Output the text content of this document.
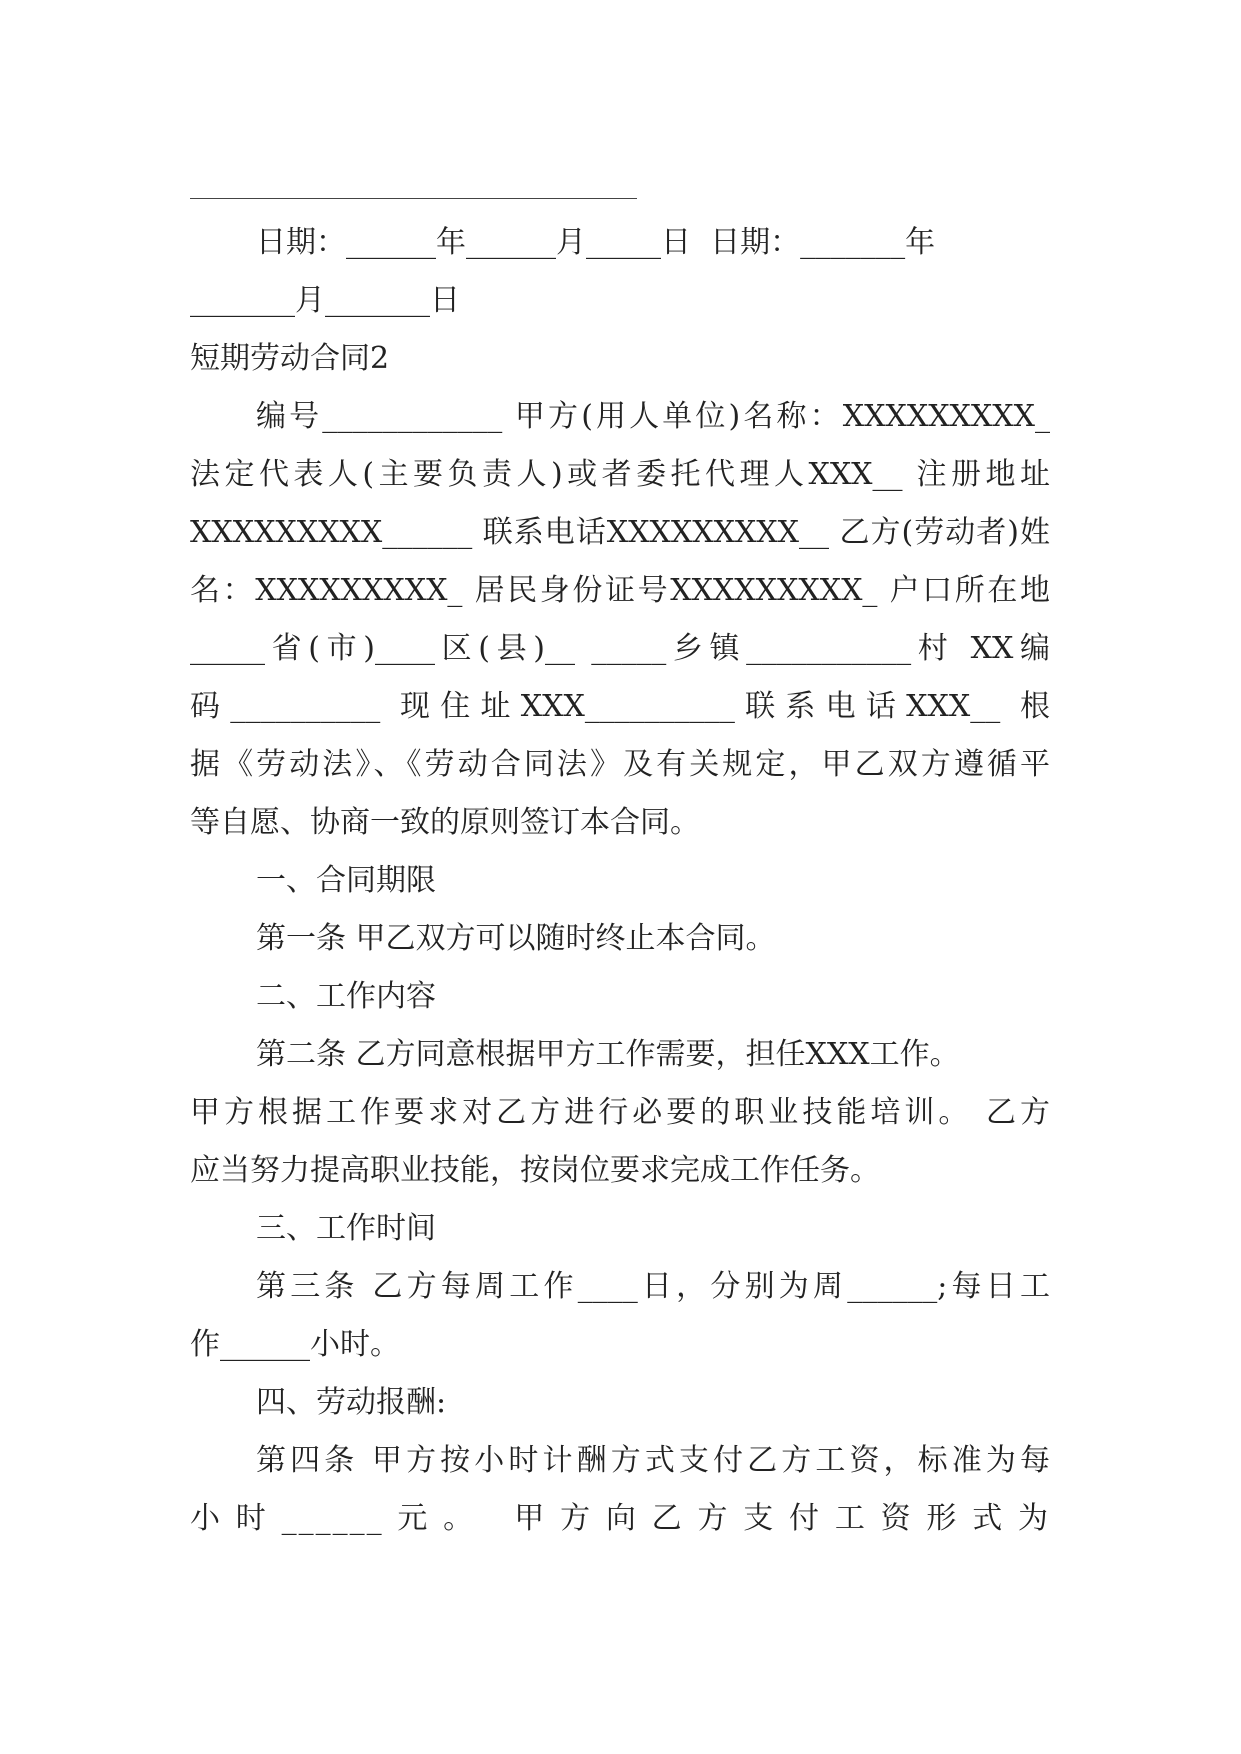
日期：______年______月_____日  日期：_______年
_______月_______日
短期劳动合同2
编号____________ 甲方(用人单位)名称：XXXXXXXXX_
法定代表人(主要负责人)或者委托代理人XXX__ 注册地址
XXXXXXXXX______ 联系电话XXXXXXXXX__ 乙方(劳动者)姓
名：XXXXXXXXX_ 居民身份证号XXXXXXXXX_ 户口所在地
_____省(市)____区(县)__ _____乡镇___________村 XX编
码__________ 现住址XXX__________联系电话XXX__ 根
据《劳动法》、《劳动合同法》及有关规定，甲乙双方遵循平
等自愿、协商一致的原则签订本合同。
一、合同期限
第一条 甲乙双方可以随时终止本合同。
二、工作内容
第二条 乙方同意根据甲方工作需要，担任XXX工作。
甲方根据工作要求对乙方进行必要的职业技能培训。 乙方
应当努力提高职业技能，按岗位要求完成工作任务。
三、工作时间
第三条 乙方每周工作____日，分别为周______;每日工
作______小时。
四、劳动报酬:
第四条 甲方按小时计酬方式支付乙方工资，标准为每
小时______元。 甲方向乙方支付工资形式为
